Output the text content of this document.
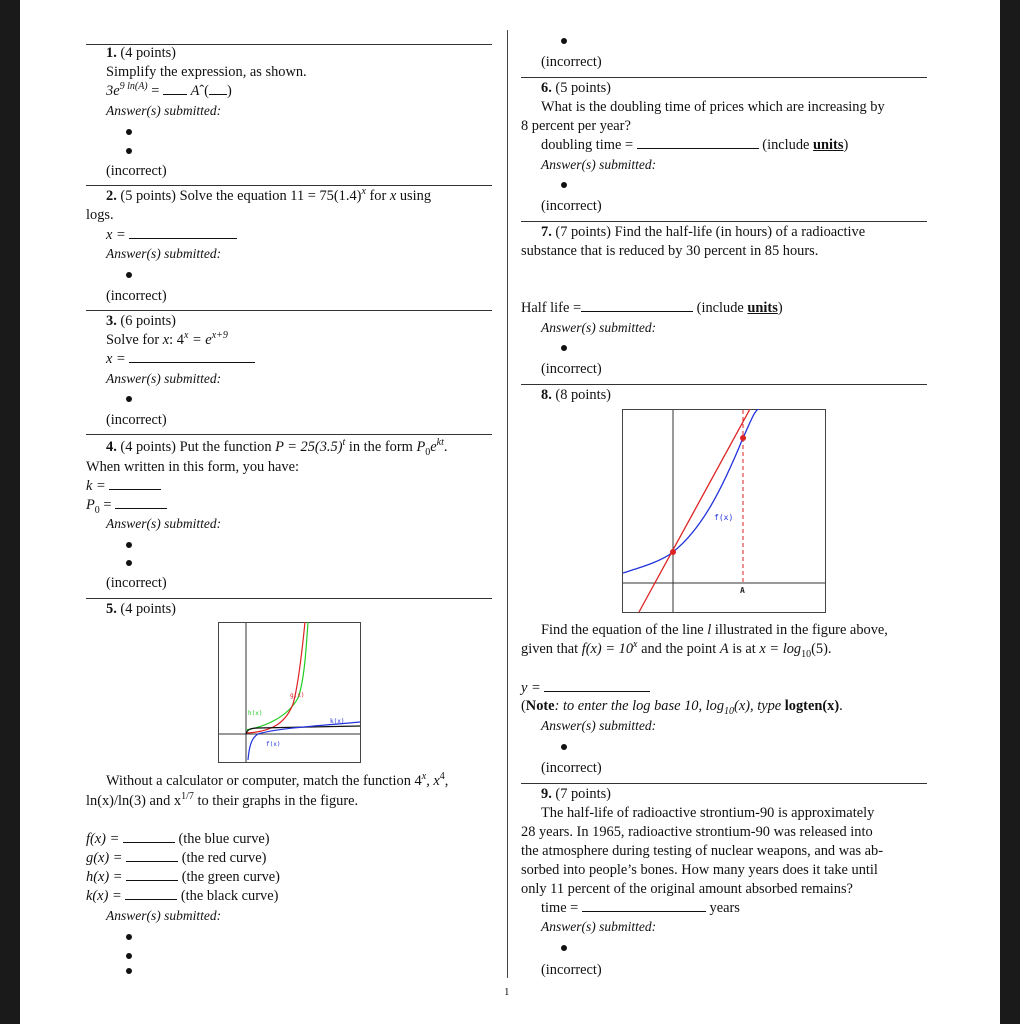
1. (4 points)
Simplify the expression, as shown.
$3e^{9 ln(A)}$ =  Aˆ( )
Answer(s) submitted:
(incorrect)
2. (5 points) Solve the equation $11 = 75(1.4)^x$ for x using
logs.
x =
Answer(s) submitted:
(incorrect)
3. (6 points)
Solve for x: $4^x = e^{x+9}$
x =
Answer(s) submitted:
(incorrect)
4. (4 points) Put the function $P = 25(3.5)^t$ in the form $P_0e^{kt}$.
When written in this form, you have:
k =
$P_0$ =
Answer(s) submitted:
(incorrect)
5. (4 points)
h(x)
g(x)
k(x)
f(x)
Without a calculator or computer, match the function 4$^x$, $x^4$,
ln(x)/ln(3) and $x^{1/7}$ to their graphs in the figure.
f(x) =	(the blue curve)
g(x) =	(the red curve)
h(x) =	(the green curve)
k(x) =	(the black curve)
Answer(s) submitted:
(incorrect)
6. (5 points)
What is the doubling time of prices which are increasing by
8 percent per year?
doubling time =	(include units)
Answer(s) submitted:
(incorrect)
7. (7 points) Find the half-life (in hours) of a radioactive
substance that is reduced by 30 percent in 85 hours.
Half life =	(include units)
Answer(s) submitted:
(incorrect)
8. (8 points)
f(x)
A
Find the equation of the line l illustrated in the figure above,
given that $f(x) = 10^x$ and the point A is at $x = \log_{10}(5)$.
y =
(Note: to enter the log base 10, $\log_{10}(x)$, type logten(x).
Answer(s) submitted:
(incorrect)
9. (7 points)
The half-life of radioactive strontium-90 is approximately
28 years. In 1965, radioactive strontium-90 was released into
the atmosphere during testing of nuclear weapons, and was ab-
sorbed into people’s bones. How many years does it take until
only 11 percent of the original amount absorbed remains?
time =	years
Answer(s) submitted:
(incorrect)
1
